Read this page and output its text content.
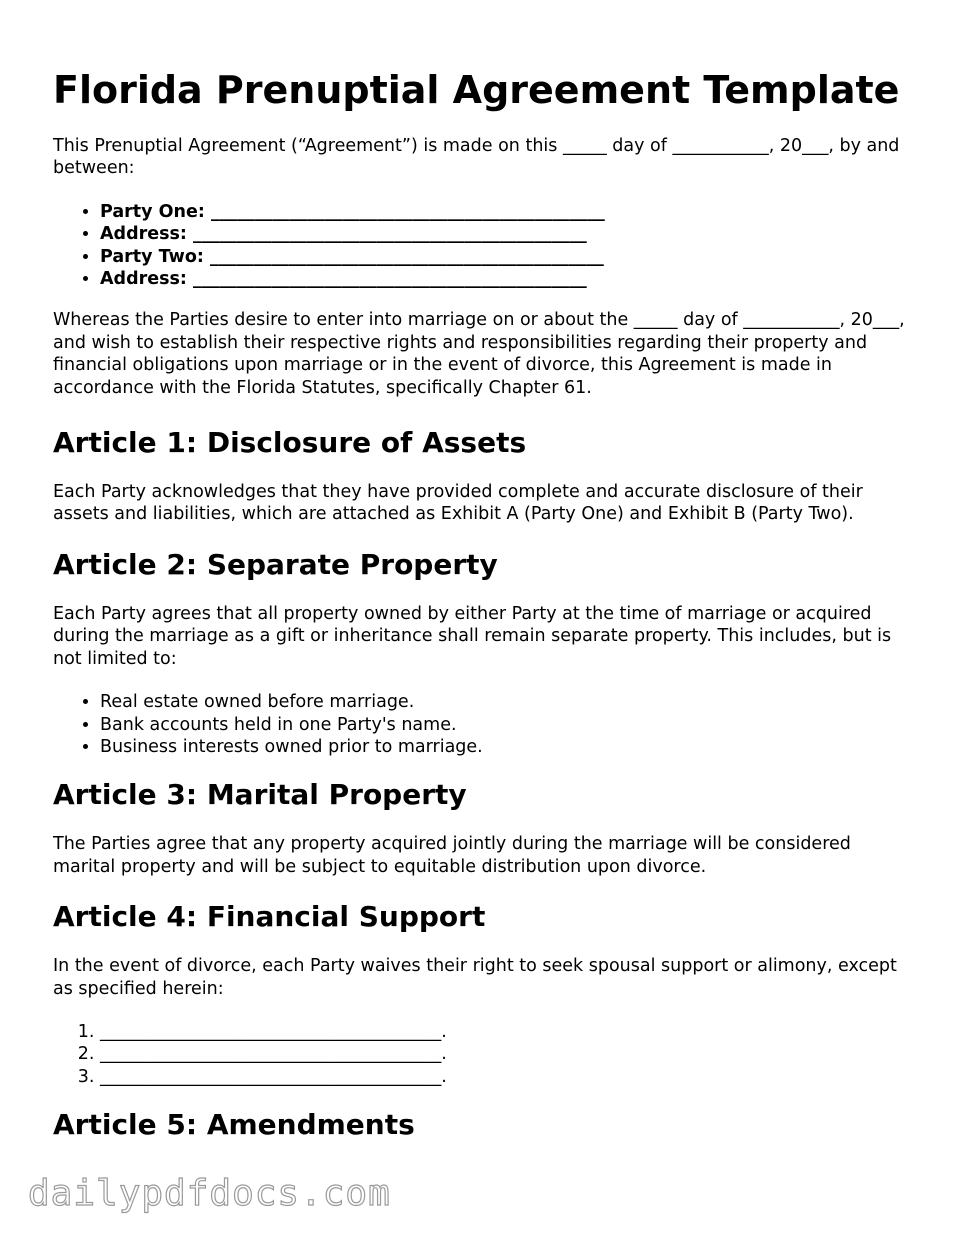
Florida Prenuptial Agreement Template

This Prenuptial Agreement (“Agreement”) is made on this _____ day of ___________, 20___, by and between:

• Party One: _____________________________________________
• Address: _____________________________________________
• Party Two: _____________________________________________
• Address: _____________________________________________

Whereas the Parties desire to enter into marriage on or about the _____ day of ___________, 20___, and wish to establish their respective rights and responsibilities regarding their property and financial obligations upon marriage or in the event of divorce, this Agreement is made in accordance with the Florida Statutes, specifically Chapter 61.

Article 1: Disclosure of Assets

Each Party acknowledges that they have provided complete and accurate disclosure of their assets and liabilities, which are attached as Exhibit A (Party One) and Exhibit B (Party Two).

Article 2: Separate Property

Each Party agrees that all property owned by either Party at the time of marriage or acquired during the marriage as a gift or inheritance shall remain separate property. This includes, but is not limited to:

• Real estate owned before marriage.
• Bank accounts held in one Party's name.
• Business interests owned prior to marriage.
Article 3: Marital Property

The Parties agree that any property acquired jointly during the marriage will be considered marital property and will be subject to equitable distribution upon divorce.

Article 4: Financial Support

In the event of divorce, each Party waives their right to seek spousal support or alimony, except as specified herein:

1. _______________________________________.
2. _______________________________________.
3. _______________________________________.
Article 5: Amendments
dailypdfdocs.com
